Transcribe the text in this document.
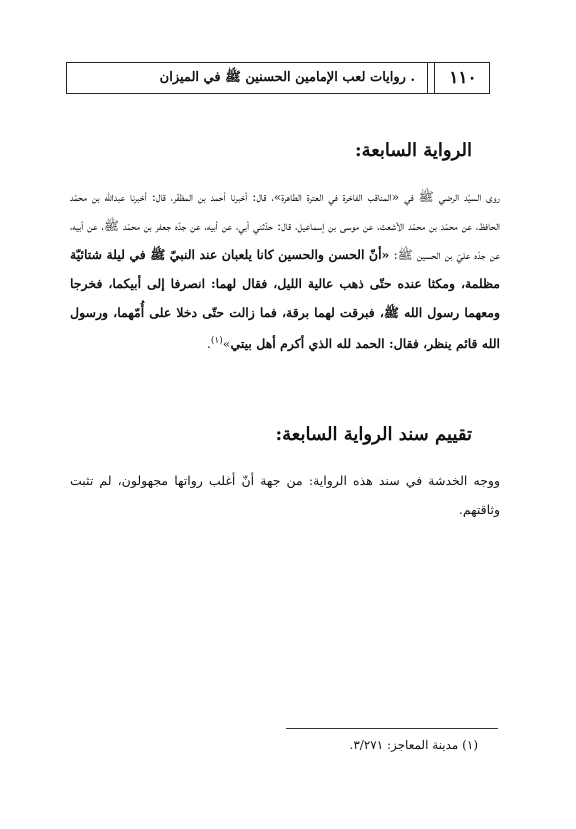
١١٠
. روايات لعب الإمامين الحسنين ﷺ في الميزان
الرواية السابعة:
روى السيّد الرضي ﷺ في «المناقب الفاخرة في العترة الطاهرة»، قال: أخبرنا أحمد بن المظفّر، قال: أخبرنا عبدالله بن محمّد الحافظ، عن محمّد بن محمّد الأشعث، عن موسى بن إسماعيل، قال: حدّثني أبي، عن أبيه، عن جدّه جعفر بن محمّد ﷺ، عن أبيه، عن جدّه عليّ بن الحسين ﷺ: «أنّ الحسن والحسين كانا يلعبان عند النبيّ ﷺ في ليلة شتائيّة مظلمة، ومكثا عنده حتّى ذهب عالية الليل، فقال لهما: انصرفا إلى أبيكما، فخرجا ومعهما رسول الله ﷺ، فبرقت لهما برقة، فما زالت حتّى دخلا على أُمّهما، ورسول الله قائم ينظر، فقال: الحمد لله الذي أكرم أهل بيتي»$^{(١)}$.
تقييم سند الرواية السابعة:
ووجه الخدشة في سند هذه الرواية: من جهة أنّ أغلب رواتها مجهولون، لم تثبت وثاقتهم.
(١) مدينة المعاجز: ٣/٢٧١.
